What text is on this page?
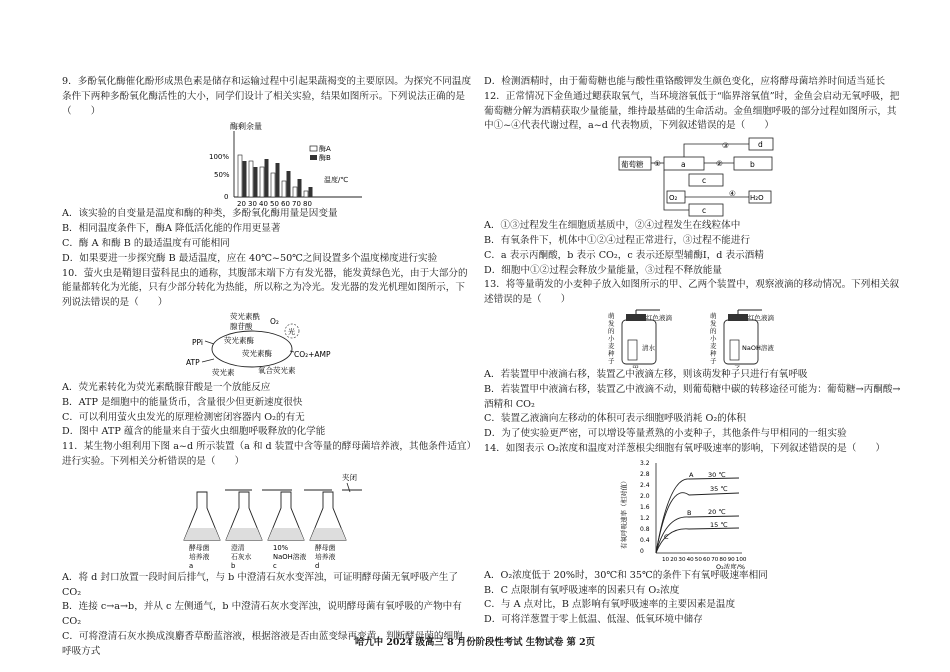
9．多酚氧化酶催化酚形成黑色素是储存和运输过程中引起果蔬褐变的主要原因。为探究不同温度条件下两种多酚氧化酶活性的大小，同学们设计了相关实验，结果如图所示。下列说法正确的是（　　）

酶剩余量
100%
50%
0
温度/℃
20 30 40 50 60 70 80
酶A
酶B

A．该实验的自变量是温度和酶的种类，多酚氧化酶用量是因变量

B．相同温度条件下，酶A 降低活化能的作用更显著

C．酶 A 和酶 B 的最适温度有可能相同

D．如果要进一步探究酶 B 最适温度，应在 40℃~50℃之间设置多个温度梯度进行实验

10．萤火虫是鞘翅目萤科昆虫的通称，其腹部末端下方有发光器，能发黄绿色光，由于大部分的能量都转化为光能，只有少部分转化为热能，所以称之为冷光。发光器的发光机理如图所示，下列说法错误的是（　　）

荧光素酰
腺苷酸
O₂
光
荧光素酶
荧光素酶
PPi
ATP
荧光素	氧合荧光素
CO₂+AMP

A．荧光素转化为荧光素酰腺苷酸是一个放能反应

B．ATP 是细胞中的能量货币，含量很少但更新速度很快

C．可以利用萤火虫发光的原理检测密闭容器内 O₂的有无

D．图中 ATP 蕴含的能量来自于萤火虫细胞呼吸释放的化学能

11．某生物小组利用下图 a~d 所示装置（a 和 d 装置中含等量的酵母菌培养液，其他条件适宜）进行实验。下列相关分析错误的是（　　）

夹闭
酵母菌
培养液
a
澄清
石灰水
b
10%
NaOH溶液
c
酵母菌
培养液
d

A．将 d 封口放置一段时间后排气，与 b 中澄清石灰水变浑浊，可证明酵母菌无氧呼吸产生了 CO₂

B．连接 c→a→b，并从 c 左侧通气，b 中澄清石灰水变浑浊，说明酵母菌有氧呼吸的产物中有 CO₂

C．可将澄清石灰水换成溴麝香草酚蓝溶液，根据溶液是否由蓝变绿再变黄，判断酵母菌的细胞呼吸方式

D．检测酒精时，由于葡萄糖也能与酸性重铬酸钾发生颜色变化，应将酵母菌培养时间适当延长

12．正常情况下金鱼通过鳃获取氧气，当环境溶氧低于“临界溶氧值”时，金鱼会启动无氧呼吸，把葡萄糖分解为酒精获取少量能量，维持最基础的生命活动。金鱼细胞呼吸的部分过程如图所示，其中①~④代表代谢过程，a~d 代表物质，下列叙述错误的是（　　）

葡萄糖 ①	a	②	b
③	d
c
④
O₂	H₂O
c

A．①③过程发生在细胞质基质中，②④过程发生在线粒体中

B．有氧条件下，机体中①②④过程正常进行，③过程不能进行

C．a 表示丙酮酸，b 表示 CO₂，c 表示还原型辅酶Ⅰ，d 表示酒精

D．细胞中①②过程会释放少量能量，③过程不释放能量

13．将等量萌发的小麦种子放入如图所示的甲、乙两个装置中，观察液滴的移动情况。下列相关叙述错误的是（　　）

萌
发
的
小
麦
种
子
红色液滴
清水
萌
发
的
小
麦
种
子
红色液滴
NaOH溶液

A．若装置甲中液滴右移，装置乙中液滴左移，则该萌发种子只进行有氧呼吸

B．若装置甲中液滴右移，装置乙中液滴不动，则葡萄糖中碳的转移途径可能为：葡萄糖→丙酮酸→酒精和 CO₂

C．装置乙液滴向左移动的体积可表示细胞呼吸消耗 O₂的体积

D．为了使实验更严密，可以增设等量煮熟的小麦种子，其他条件与甲相同的一组实验

14．如图表示 O₂浓度和温度对洋葱根尖细胞有氧呼吸速率的影响，下列叙述错误的是（　　）

有氧呼吸速率（相对值）
3.2
2.8
2.4
2.0
1.6
1.2
0.8
0.4
0
10 20 30 40 50 60 70 80 90 100
O₂浓度/%
A
B
C
30 ℃
35 ℃
20 ℃
15 ℃

A．O₂浓度低于 20%时，30℃和 35℃的条件下有氧呼吸速率相同

B．C 点限制有氧呼吸速率的因素只有 O₂浓度

C．与 A 点对比，B 点影响有氧呼吸速率的主要因素是温度

D．可将洋葱置于零上低温、低湿、低氧环境中储存

哈九中 2024 级高三 8 月份阶段性考试 生物试卷 第 2页
